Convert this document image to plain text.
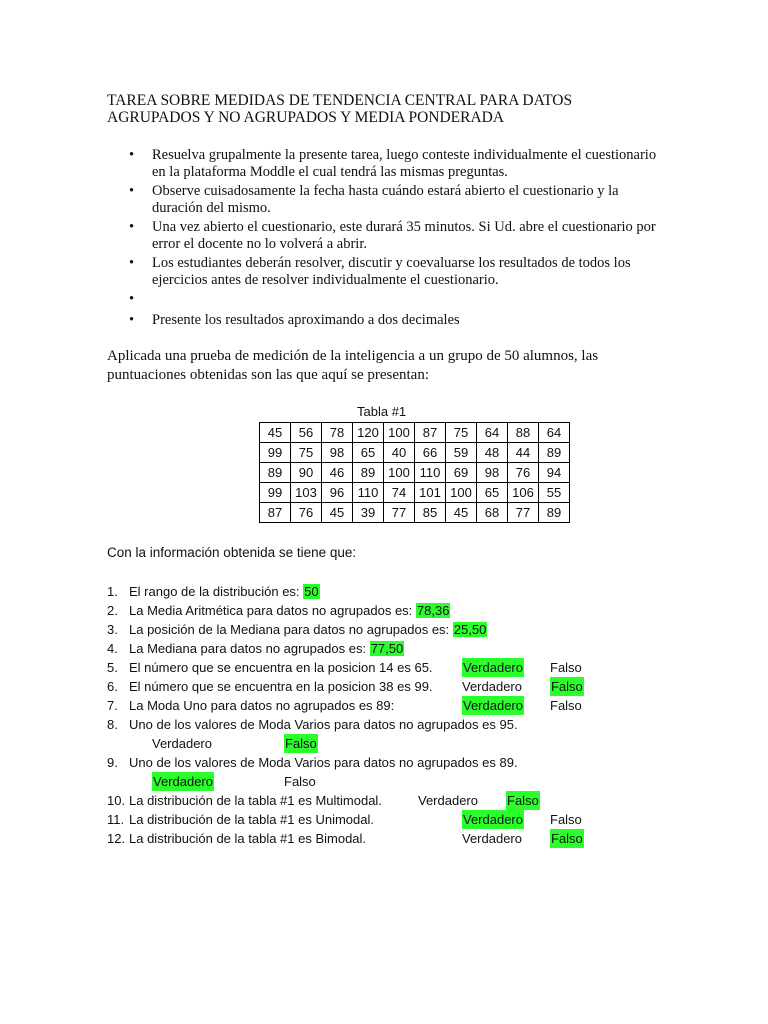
TAREA SOBRE MEDIDAS DE TENDENCIA CENTRAL PARA DATOS
AGRUPADOS Y NO AGRUPADOS Y MEDIA PONDERADA
• Resuelva grupalmente la presente tarea, luego conteste individualmente el cuestionario en la plataforma Moddle el cual tendrá las mismas preguntas.
• Observe cuisadosamente la fecha hasta cuándo estará abierto el cuestionario y la duración del mismo.
• Una vez abierto el cuestionario, este durará 35 minutos. Si Ud. abre el cuestionario por error el docente no lo volverá a abrir.
• Los estudiantes deberán resolver, discutir y coevaluarse los resultados de todos los ejercicios antes de resolver individualmente el cuestionario.
•
• Presente los resultados aproximando a dos decimales
Aplicada una prueba de medición de la inteligencia a un grupo de 50 alumnos, las puntuaciones obtenidas son las que aquí se presentan:
Tabla #1
45	56	78	120	100	87	75	64	88	64
99	75	98	65	40	66	59	48	44	89
89	90	46	89	100	110	69	98	76	94
99	103	96	110	74	101	100	65	106	55
87	76	45	39	77	85	45	68	77	89
Con la información obtenida se tiene que:
1. El rango de la distribución es: 50
2. La Media Aritmética para datos no agrupados es: 78,36
3. La posición de la Mediana para datos no agrupados es: 25,50
4. La Mediana para datos no agrupados es: 77,50
5. El número que se encuentra en la posicion 14 es 65. Verdadero Falso
6. El número que se encuentra en la posicion 38 es 99. Verdadero Falso
7. La Moda Uno para datos no agrupados es 89:	Verdadero Falso
8. Uno de los valores de Moda Varios para datos no agrupados es 95.
Verdadero	Falso
9. Uno de los valores de Moda Varios para datos no agrupados es 89.
Verdadero	Falso
10. La distribución de la tabla #1 es Multimodal.	Verdadero Falso
11. La distribución de la tabla #1 es Unimodal.	Verdadero Falso
12. La distribución de la tabla #1 es Bimodal.	Verdadero Falso
